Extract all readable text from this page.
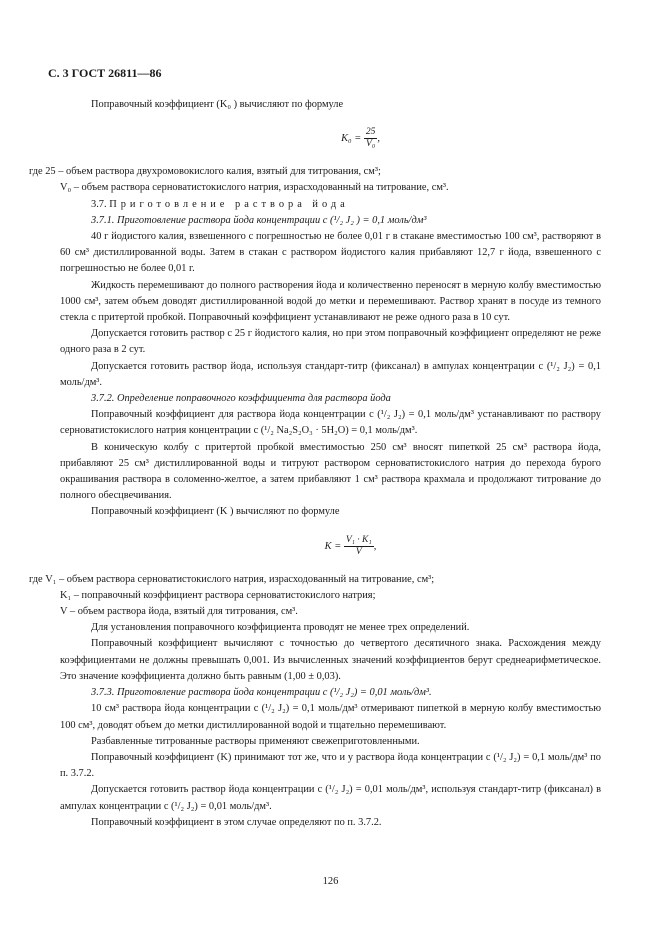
С. 3 ГОСТ 26811—86

Поправочный коэффициент (K₀ ) вычисляют по формуле

$K_0 = \frac{25}{\text{V₀}}$ ,

где 25 – объем раствора двухромовокислого калия, взятый для титрования, см³;

V₀ – объем раствора серноватистокислого натрия, израсходованный на титрование, см³.

3.7. Приготовление раствора йода

3.7.1. Приготовление раствора йода концентрации c (¹/₂ J₂ ) = 0,1 моль/дм³

40 г йодистого калия, взвешенного с погрешностью не более 0,01 г в стакане вместимостью 100 см³, растворяют в 60 см³ дистиллированной воды. Затем в стакан с раствором йодистого калия прибавляют 12,7 г йода, взвешенного с погрешностью не более 0,01 г.

Жидкость перемешивают до полного растворения йода и количественно переносят в мерную колбу вместимостью 1000 см³, затем объем доводят дистиллированной водой до метки и перемешивают. Раствор хранят в посуде из темного стекла с притертой пробкой. Поправочный коэффициент устанавливают не реже одного раза в 10 сут.

Допускается готовить раствор с 25 г йодистого калия, но при этом поправочный коэффициент определяют не реже одного раза в 2 сут.

Допускается готовить раствор йода, используя стандарт-титр (фиксанал) в ампулах концентрации c (¹/₂ J₂) = 0,1 моль/дм³.

3.7.2. Определение поправочного коэффициента для раствора йода

Поправочный коэффициент для раствора йода концентрации c (¹/₂ J₂) = 0,1 моль/дм³ устанавливают по раствору серноватистокислого натрия концентрации c (¹/₂ Na₂S₂O₃ · 5H₂O) = 0,1 моль/дм³.

В коническую колбу с притертой пробкой вместимостью 250 см³ вносят пипеткой 25 см³ раствора йода, прибавляют 25 см³ дистиллированной воды и титруют раствором серноватистокислого натрия до перехода бурого окрашивания раствора в соломенно-желтое, а затем прибавляют 1 см³ раствора крахмала и продолжают титрование до полного обесцвечивания.

Поправочный коэффициент (K ) вычисляют по формуле

$K = \frac{\text{V₁ · K₁}}{V}$ ,

где V₁ – объем раствора серноватистокислого натрия, израсходованный на титрование, см³;

K₁ – поправочный коэффициент раствора серноватистокислого натрия;

V – объем раствора йода, взятый для титрования, см³.

Для установления поправочного коэффициента проводят не менее трех определений.

Поправочный коэффициент вычисляют с точностью до четвертого десятичного знака. Расхождения между коэффициентами не должны превышать 0,001. Из вычисленных значений коэффициентов берут среднеарифметическое. Это значение коэффициента должно быть равным (1,00 ± 0,03).

3.7.3. Приготовление раствора йода концентрации c (¹/₂ J₂) = 0,01 моль/дм³.

10 см³ раствора йода концентрации c (¹/₂ J₂) = 0,1 моль/дм³ отмеривают пипеткой в мерную колбу вместимостью 100 см³, доводят объем до метки дистиллированной водой и тщательно перемешивают.

Разбавленные титрованные растворы применяют свежеприготовленными.

Поправочный коэффициент (K) принимают тот же, что и у раствора йода концентрации c (¹/₂ J₂) = 0,1 моль/дм³ по п. 3.7.2.

Допускается готовить раствор йода концентрации c (¹/₂ J₂) = 0,01 моль/дм³, используя стандарт-титр (фиксанал) в ампулах концентрации c (¹/₂ J₂) = 0,01 моль/дм³.

Поправочный коэффициент в этом случае определяют по п. 3.7.2.

126
